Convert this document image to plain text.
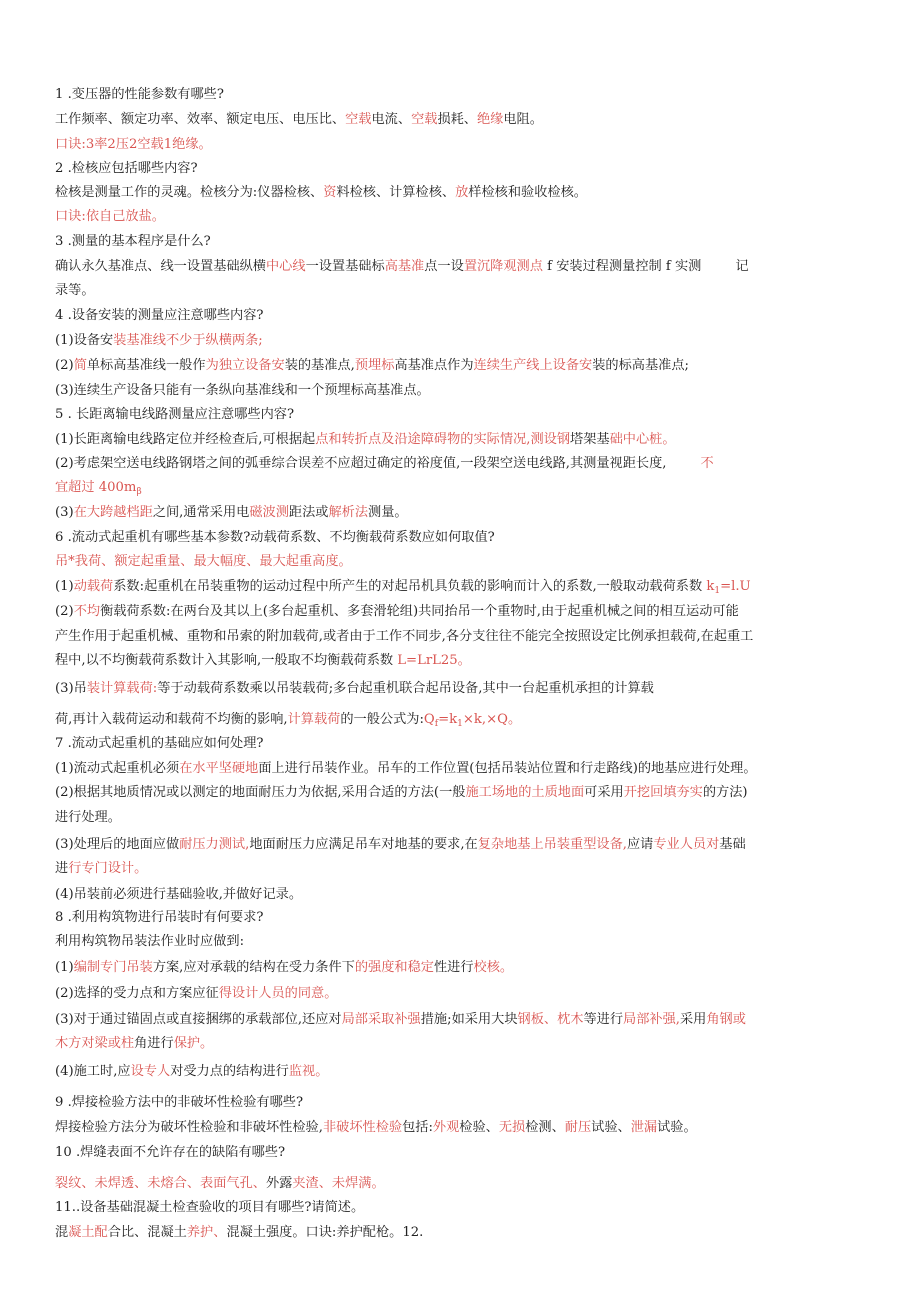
1 .变压器的性能参数有哪些?
工作频率、额定功率、效率、额定电压、电压比、空载电流、空载损耗、绝缘电阻。
口诀:3率2压2空载1绝缘。
2 .检核应包括哪些内容?
检核是测量工作的灵魂。检核分为:仪器检核、资料检核、计算检核、放样检核和验收检核。
口诀:依自己放盐。
3 .测量的基本程序是什么?
确认永久基准点、线一设置基础纵横中心线一设置基础标高基准点一设置沉降观测点 f 安装过程测量控制 f 实测	记
录等。
4 .设备安装的测量应注意哪些内容?
(1)设备安装基准线不少于纵横两条;
(2)简单标高基准线一般作为独立设备安装的基准点,预埋标高基准点作为连续生产线上设备安装的标高基准点;
(3)连续生产设备只能有一条纵向基准线和一个预埋标高基准点。
5 . 长距离输电线路测量应注意哪些内容?
(1)长距离输电线路定位并经检查后,可根据起点和转折点及沿途障碍物的实际情况,测设钢塔架基础中心桩。
(2)考虑架空送电线路钢塔之间的弧垂综合误差不应超过确定的裕度值,一段架空送电线路,其测量视距长度,	不
宜超过 $400m_\beta$
(3)在大跨越档距之间,通常采用电磁波测距法或解析法测量。
6 .流动式起重机有哪些基本参数?动载荷系数、不均衡载荷系数应如何取值?
吊*我荷、额定起重量、最大幅度、最大起重高度。
(1)动载荷系数:起重机在吊装重物的运动过程中所产生的对起吊机具负载的影响而计入的系数,一般取动载荷系数 $k_1=l.U$
(2)不均衡载荷系数:在两台及其以上(多台起重机、多套滑轮组)共同抬吊一个重物时,由于起重机械之间的相互运动可能
产生作用于起重机械、重物和吊索的附加载荷,或者由于工作不同步,各分支往往不能完全按照设定比例承担载荷,在起重工
程中,以不均衡载荷系数计入其影响,一般取不均衡载荷系数 L=LrL25。
(3)吊装计算载荷:等于动载荷系数乘以吊装载荷;多台起重机联合起吊设备,其中一台起重机承担的计算载
荷,再计入载荷运动和载荷不均衡的影响,计算载荷的一般公式为$:Q_f=k_1\times k,\times Q$。
7 .流动式起重机的基础应如何处理?
(1)流动式起重机必须在水平坚硬地面上进行吊装作业。吊车的工作位置(包括吊装站位置和行走路线)的地基应进行处理。
(2)根据其地质情况或以测定的地面耐压力为依据,采用合适的方法(一般施工场地的土质地面可采用开挖回填夯实的方法)
进行处理。
(3)处理后的地面应做耐压力测试,地面耐压力应满足吊车对地基的要求,在复杂地基上吊装重型设备,应请专业人员对基础
进行专门设计。
(4)吊装前必须进行基础验收,并做好记录。
8 .利用构筑物进行吊装时有何要求?
利用构筑物吊装法作业时应做到:
(1)编制专门吊装方案,应对承载的结构在受力条件下的强度和稳定性进行校核。
(2)选择的受力点和方案应征得设计人员的同意。
(3)对于通过锚固点或直接捆绑的承载部位,还应对局部采取补强措施;如采用大块钢板、枕木等进行局部补强,采用角钢或
木方对梁或柱角进行保护。
(4)施工时,应设专人对受力点的结构进行监视。
9 .焊接检验方法中的非破坏性检验有哪些?
焊接检验方法分为破坏性检验和非破坏性检验,非破坏性检验包括:外观检验、无损检测、耐压试验、泄漏试验。
10 .焊缝表面不允许存在的缺陷有哪些?
裂纹、未焊透、未熔合、表面气孔、外露夹渣、未焊满。
11..设备基础混凝土检查验收的项目有哪些?请简述。
混凝土配合比、混凝土养护、混凝土强度。口诀:养护配枪。12.
